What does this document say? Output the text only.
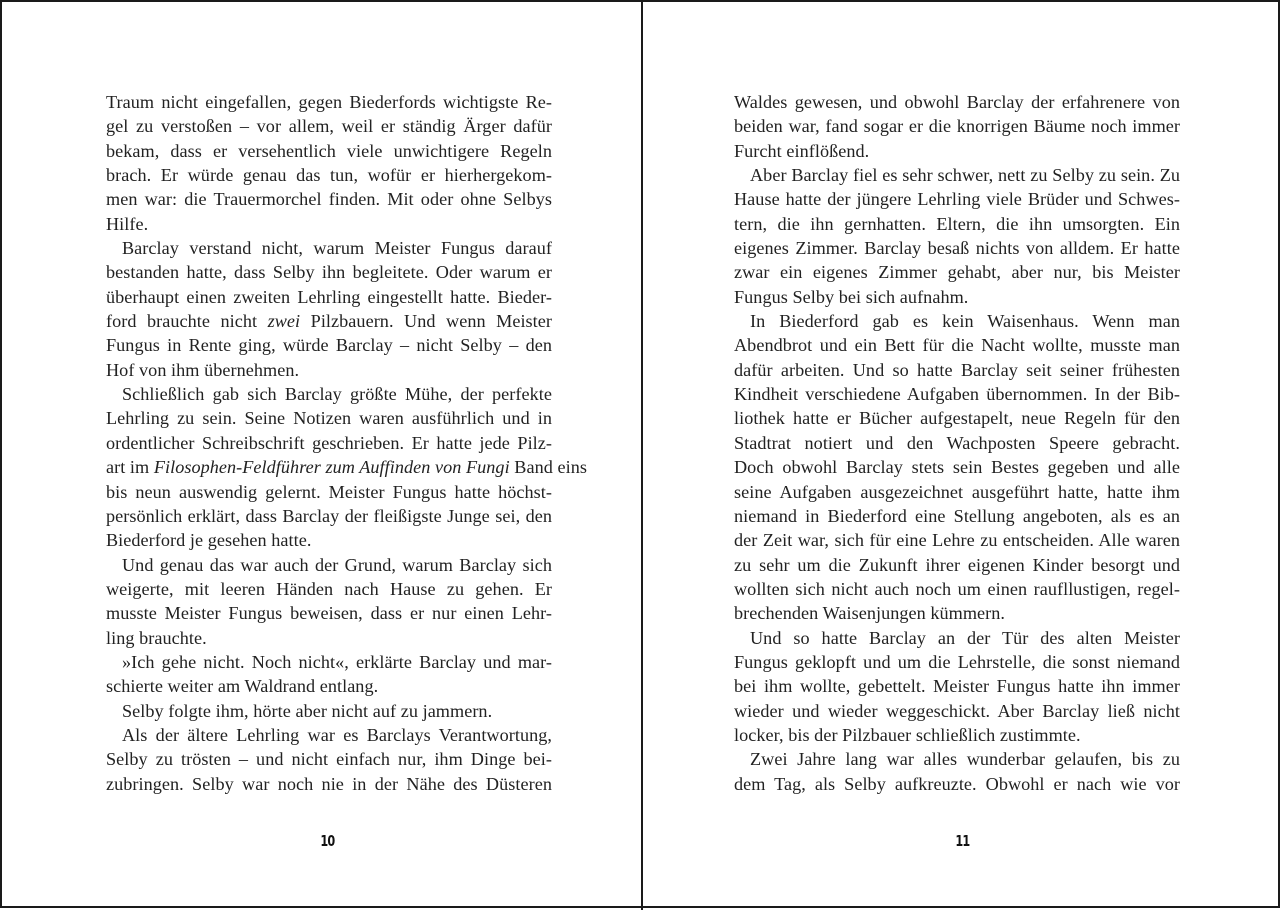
Traum nicht eingefallen, gegen Biederfords wichtigste Re-
gel zu verstoßen – vor allem, weil er ständig Ärger dafür
bekam, dass er versehentlich viele unwichtigere Regeln
brach. Er würde genau das tun, wofür er hierhergekom-
men war: die Trauermorchel finden. Mit oder ohne Selbys
Hilfe.
Barclay verstand nicht, warum Meister Fungus darauf
bestanden hatte, dass Selby ihn begleitete. Oder warum er
überhaupt einen zweiten Lehrling eingestellt hatte. Bieder-
ford brauchte nicht zwei Pilzbauern. Und wenn Meister
Fungus in Rente ging, würde Barclay – nicht Selby – den
Hof von ihm übernehmen.
Schließlich gab sich Barclay größte Mühe, der perfekte
Lehrling zu sein. Seine Notizen waren ausführlich und in
ordentlicher Schreibschrift geschrieben. Er hatte jede Pilz-
art im Filosophen-Feldführer zum Auffinden von Fungi Band eins
bis neun auswendig gelernt. Meister Fungus hatte höchst-
persönlich erklärt, dass Barclay der fleißigste Junge sei, den
Biederford je gesehen hatte.
Und genau das war auch der Grund, warum Barclay sich
weigerte, mit leeren Händen nach Hause zu gehen. Er
musste Meister Fungus beweisen, dass er nur einen Lehr-
ling brauchte.
»Ich gehe nicht. Noch nicht«, erklärte Barclay und mar-
schierte weiter am Waldrand entlang.
Selby folgte ihm, hörte aber nicht auf zu jammern.
Als der ältere Lehrling war es Barclays Verantwortung,
Selby zu trösten – und nicht einfach nur, ihm Dinge bei-
zubringen. Selby war noch nie in der Nähe des Düsteren
10
Waldes gewesen, und obwohl Barclay der erfahrenere von
beiden war, fand sogar er die knorrigen Bäume noch immer
Furcht einflößend.
Aber Barclay fiel es sehr schwer, nett zu Selby zu sein. Zu
Hause hatte der jüngere Lehrling viele Brüder und Schwes-
tern, die ihn gernhatten. Eltern, die ihn umsorgten. Ein
eigenes Zimmer. Barclay besaß nichts von alldem. Er hatte
zwar ein eigenes Zimmer gehabt, aber nur, bis Meister
Fungus Selby bei sich aufnahm.
In Biederford gab es kein Waisenhaus. Wenn man
Abendbrot und ein Bett für die Nacht wollte, musste man
dafür arbeiten. Und so hatte Barclay seit seiner frühesten
Kindheit verschiedene Aufgaben übernommen. In der Bib-
liothek hatte er Bücher aufgestapelt, neue Regeln für den
Stadtrat notiert und den Wachposten Speere gebracht.
Doch obwohl Barclay stets sein Bestes gegeben und alle
seine Aufgaben ausgezeichnet ausgeführt hatte, hatte ihm
niemand in Biederford eine Stellung angeboten, als es an
der Zeit war, sich für eine Lehre zu entscheiden. Alle waren
zu sehr um die Zukunft ihrer eigenen Kinder besorgt und
wollten sich nicht auch noch um einen raufllustigen, regel-
brechenden Waisenjungen kümmern.
Und so hatte Barclay an der Tür des alten Meister
Fungus geklopft und um die Lehrstelle, die sonst niemand
bei ihm wollte, gebettelt. Meister Fungus hatte ihn immer
wieder und wieder weggeschickt. Aber Barclay ließ nicht
locker, bis der Pilzbauer schließlich zustimmte.
Zwei Jahre lang war alles wunderbar gelaufen, bis zu
dem Tag, als Selby aufkreuzte. Obwohl er nach wie vor
11
